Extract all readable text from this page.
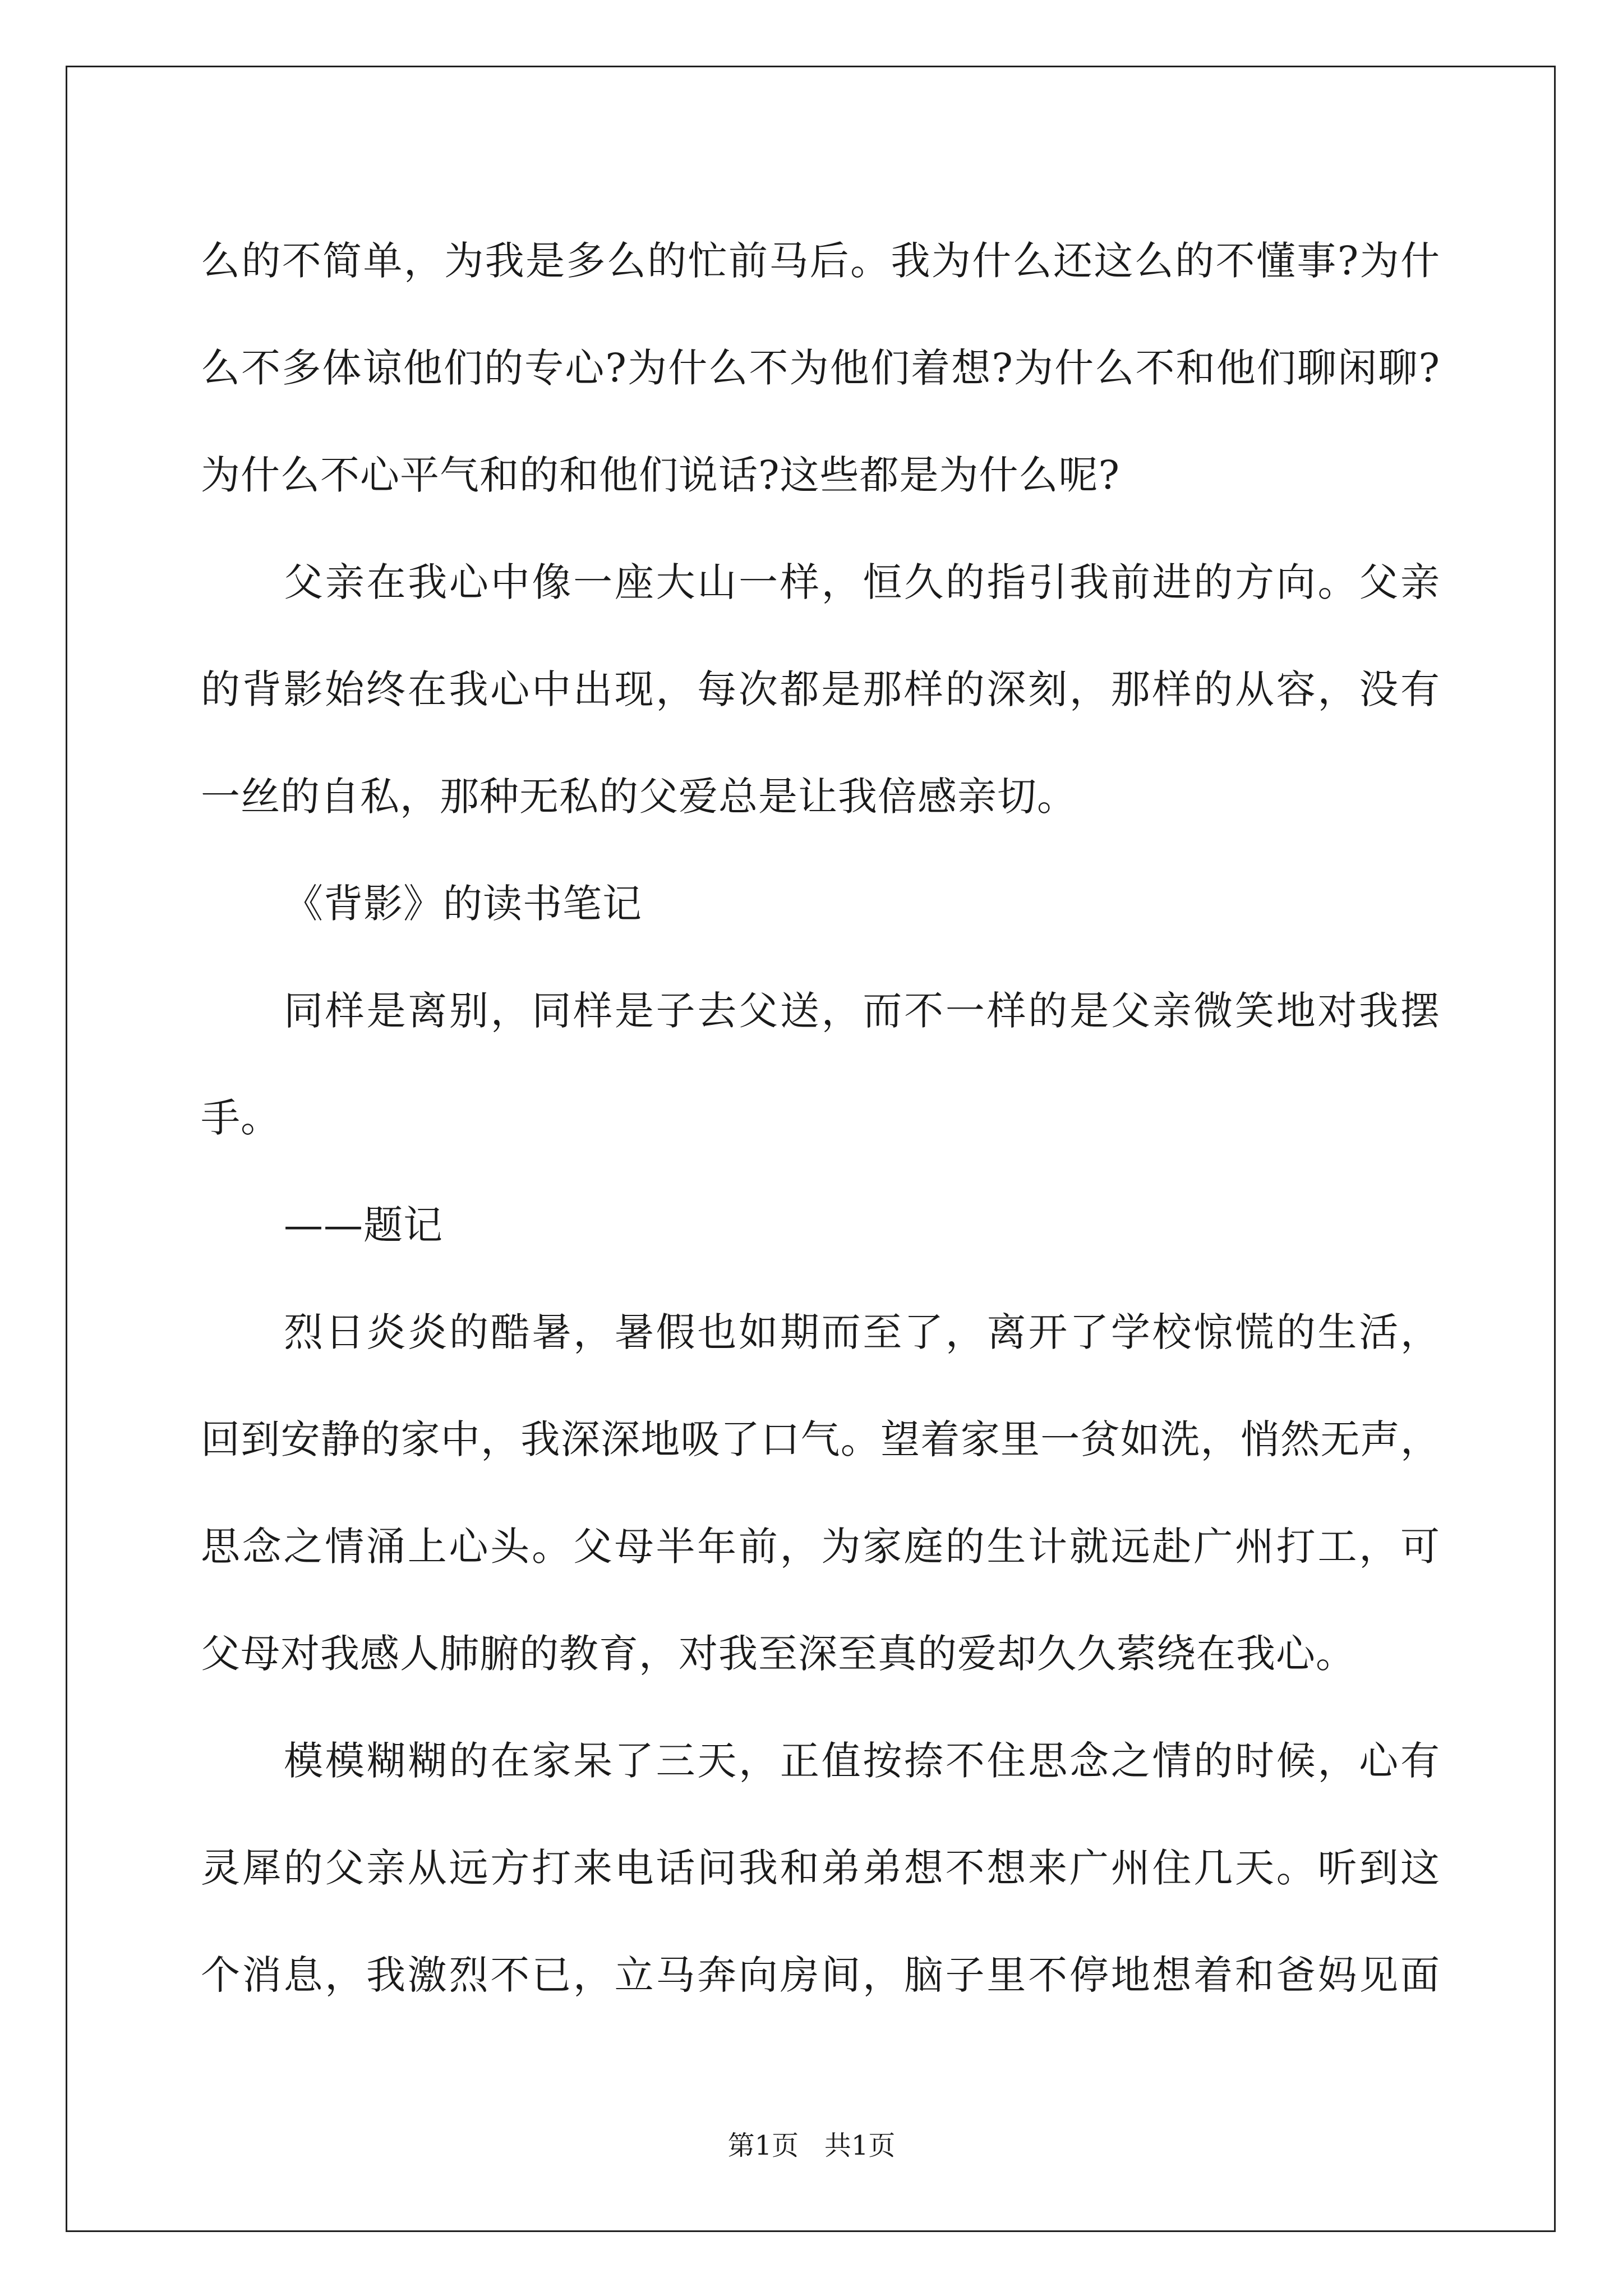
么的不简单，为我是多么的忙前马后。我为什么还这么的不懂事?为什
么不多体谅他们的专心?为什么不为他们着想?为什么不和他们聊闲聊?
为什么不心平气和的和他们说话?这些都是为什么呢?
父亲在我心中像一座大山一样，恒久的指引我前进的方向。父亲
的背影始终在我心中出现，每次都是那样的深刻，那样的从容，没有
一丝的自私，那种无私的父爱总是让我倍感亲切。
《背影》的读书笔记
同样是离别，同样是子去父送，而不一样的是父亲微笑地对我摆
手。
——题记
烈日炎炎的酷暑，暑假也如期而至了，离开了学校惊慌的生活，
回到安静的家中，我深深地吸了口气。望着家里一贫如洗，悄然无声，
思念之情涌上心头。父母半年前，为家庭的生计就远赴广州打工，可
父母对我感人肺腑的教育，对我至深至真的爱却久久萦绕在我心。
模模糊糊的在家呆了三天，正值按捺不住思念之情的时候，心有
灵犀的父亲从远方打来电话问我和弟弟想不想来广州住几天。听到这
个消息，我激烈不已，立马奔向房间，脑子里不停地想着和爸妈见面
第1页 共1页
